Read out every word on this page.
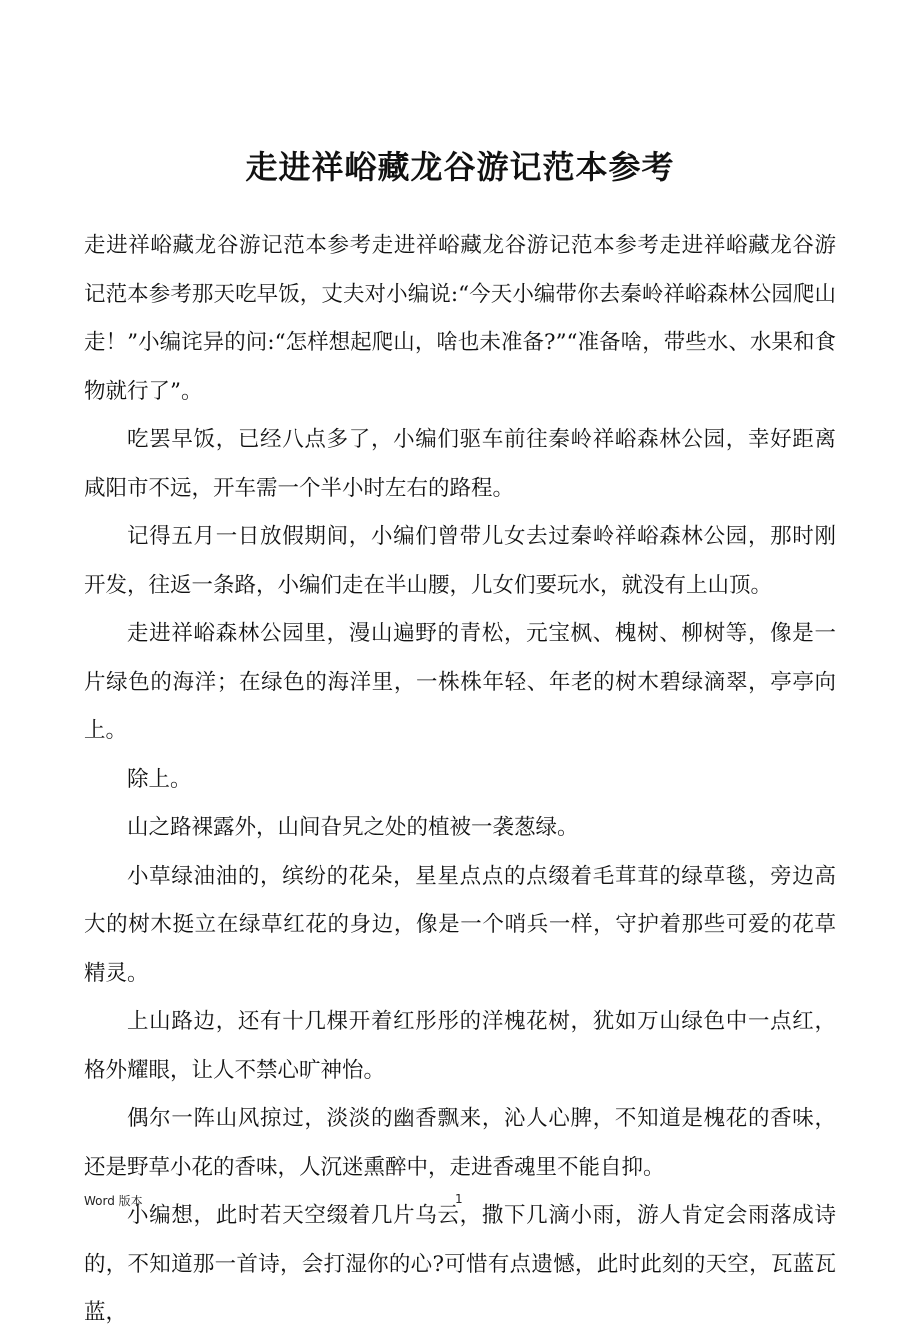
走进祥峪藏龙谷游记范本参考

走进祥峪藏龙谷游记范本参考走进祥峪藏龙谷游记范本参考走进祥峪藏龙谷游记范本参考那天吃早饭，丈夫对小编说:“今天小编带你去秦岭祥峪森林公园爬山走！”小编诧异的问:“怎样想起爬山，啥也未准备?”“准备啥，带些水、水果和食物就行了”。

吃罢早饭，已经八点多了，小编们驱车前往秦岭祥峪森林公园，幸好距离咸阳市不远，开车需一个半小时左右的路程。

记得五月一日放假期间，小编们曾带儿女去过秦岭祥峪森林公园，那时刚开发，往返一条路，小编们走在半山腰，儿女们要玩水，就没有上山顶。

走进祥峪森林公园里，漫山遍野的青松，元宝枫、槐树、柳树等，像是一片绿色的海洋；在绿色的海洋里，一株株年轻、年老的树木碧绿滴翠，亭亭向上。

除上。

山之路裸露外，山间旮旯之处的植被一袭葱绿。

小草绿油油的，缤纷的花朵，星星点点的点缀着毛茸茸的绿草毯，旁边高大的树木挺立在绿草红花的身边，像是一个哨兵一样，守护着那些可爱的花草精灵。

上山路边，还有十几棵开着红彤彤的洋槐花树，犹如万山绿色中一点红，格外耀眼，让人不禁心旷神怡。

偶尔一阵山风掠过，淡淡的幽香飘来，沁人心脾，不知道是槐花的香味，还是野草小花的香味，人沉迷熏醉中，走进香魂里不能自抑。

小编想，此时若天空缀着几片乌云，撒下几滴小雨，游人肯定会雨落成诗的，不知道那一首诗，会打湿你的心?可惜有点遗憾，此时此刻的天空，瓦蓝瓦蓝，

Word 版本	1
